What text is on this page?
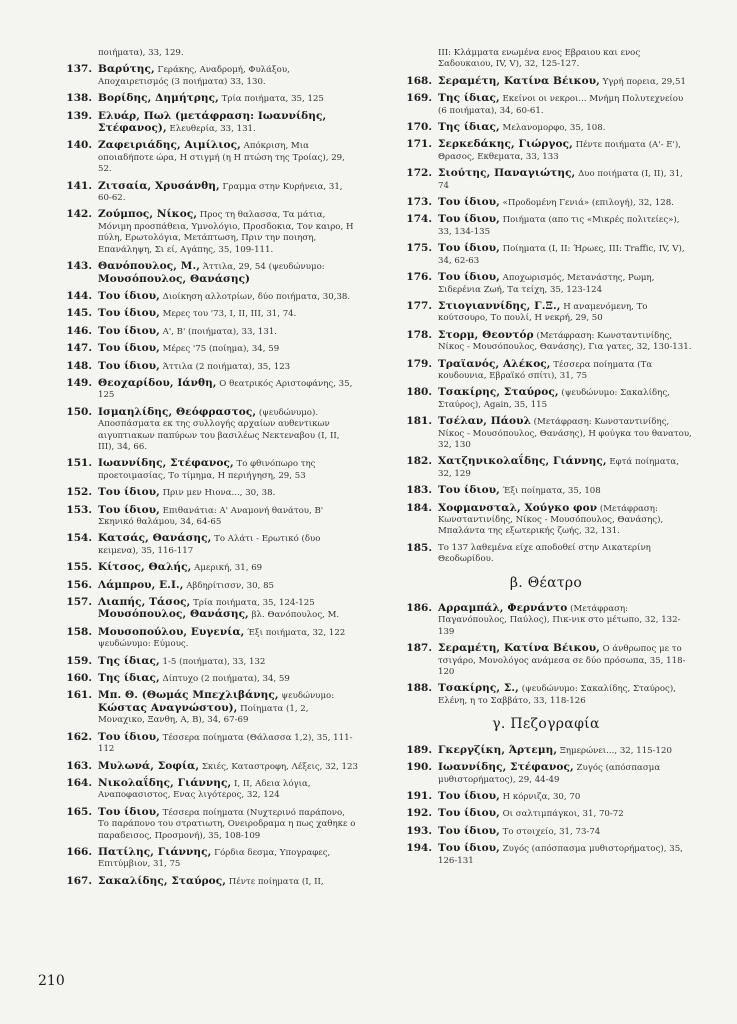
ποιήματα), 33, 129.
137. Βαρύτης, Γεράκης, Αναδρομή, Φυλάξου, Αποχαιρετισμός (3 ποιήματα) 33, 130.
138. Βορίδης, Δημήτρης, Τρία ποιήματα, 35, 125
139. Ελυάρ, Πωλ (μετάφραση: Ιωαννίδης, Στέφανος), Ελευθερία, 33, 131.
140. Ζαφειριάδης, Αιμίλιος, Απόκριση, Μια οποιαδήποτε ώρα, Η στιγμή (η Η πτώση της Τροίας), 29, 52.
141. Ζιτσαία, Χρυσάνθη, Γραμμα στην Κυρήνεια, 31, 60-62.
142. Ζούμπος, Νίκος, Προς τη θαλασσα, Τα μάτια, Μόνιμη προσπάθεια, Υμνολόγιο, Προσδοκια, Τον καιρο, Η πύλη, Ερωτολόγια, Μετάπτωση, Πριν την ποιηση, Επανάληψη, Σι εί, Αγάπης, 35, 109-111.
143. Θανόπουλος, Μ., Άττιλα, 29, 54 (ψευδώνυμο: Μουσόπουλος, Θανάσης)
144. Του ίδιου, Διοίκηση αλλοτρίων, δύο ποιήματα, 30,38.
145. Του ίδιου, Μερες του '73, I, II, III, 31, 74.
146. Του ίδιου, Α', Β' (ποιήματα), 33, 131.
147. Του ίδιου, Μέρες '75 (ποίημα), 34, 59
148. Του ίδιου, Άττιλα (2 ποιήματα), 35, 123
149. Θεοχαρίδου, Ιάνθη, Ο θεατρικός Αριστοφάνης, 35, 125
150. Ισμαηλίδης, Θεόφραστος, (ψευδώνυμο). Αποσπάσματα εκ της συλλογής αρχαίων αυθεντικων αιγυπτιακων παπύρων του βασιλέως Νεκτεναβου (I, II, III), 34, 66.
151. Ιωαννίδης, Στέφανος, Το φθινόπωρο της προετοιμασίας, Το τίμημα, Η περιήγηση, 29, 53
152. Του ίδιου, Πριν μεν Ηιονα..., 30, 38.
153. Του ίδιου, Επιθανάτια: Α' Αναμονή θανάτου, Β' Σκηνικό θαλάμου, 34, 64-65
154. Κατσάς, Θανάσης, Το Αλάτι - Ερωτικό (δυο κειμενα), 35, 116-117
155. Κίτσος, Θαλής, Αμερική, 31, 69
156. Λάμπρου, Ε.Ι., Αβδηρίτισσν, 30, 85
157. Λιαπής, Τάσος, Τρία ποιήματα, 35, 124-125 Μουσόπουλος, Θανάσης, βλ. Θανόπουλος, Μ.
158. Μουσοπούλου, Ευγενία, Έξι ποιήματα, 32, 122 ψευδώνυμο: Εύμους.
159. Της ίδιας, 1-5 (ποιήματα), 33, 132
160. Της ίδιας, Δίπτυχο (2 ποιήματα), 34, 59
161. Μπ. Θ. (Θωμάς Μπεχλιβάνης, ψευδώνυμο: Κώστας Αναγνώστου), Ποίηματα (1, 2, Μοναχικο, Ξανθη, Α, Β), 34, 67-69
162. Του ίδιου, Τέσσερα ποίηματα (Θάλασσα 1,2), 35, 111-112
163. Μυλωνά, Σοφία, Σκιές, Καταστροφη, Λέξεις, 32, 123
164. Νικολαΐδης, Γιάννης, I, II, Αδεια λόγια, Αναποφασιστος, Ενας λιγότερος, 32, 124
165. Του ίδιου, Τέσσερα ποίηματα (Νυχτερινό παράπονο, Το παράπονο του στρατιωτη, Ονειροδραμα η πως χαθηκε ο παραδεισος, Προσμονή), 35, 108-109
166. Πατίλης, Γιάννης, Γόρδια δεσμα, Υπογραφες, Επιτύμβιον, 31, 75
167. Σακαλίδης, Σταύρος, Πέντε ποίηματα (I, II,
III: Κλάμματα ενωμένα ενος Εβραιου και ενος Σαδουκαιου, IV, V), 32, 125-127.
168. Σεραμέτη, Κατίνα Βέικου, Υγρή πορεια, 29,51
169. Της ίδιας, Εκείνοι οι νεκροι... Μνήμη Πολυτεχνείου (6 ποιήματα), 34, 60-61.
170. Της ίδιας, Μελανομορφο, 35, 108.
171. Σερκεδάκης, Γιώργος, Πέντε ποιήματα (Α'- Ε'), Θρασος, Εκθεματα, 33, 133
172. Σιούτης, Παναγιώτης, Δυο ποιήματα (I, II), 31, 74
173. Του ίδιου, «Προδομένη Γενιά» (επιλογή), 32, 128.
174. Του ίδιου, Ποιήματα (απο τις «Μικρές πολιτείες»), 33, 134-135
175. Του ίδιου, Ποίηματα (I, II: Ήρωες, III: Traffic, IV, V), 34, 62-63
176. Του ίδιου, Αποχωρισμός, Μετανάστης, Ρωμη, Σιδερένια Ζωή, Τα τείχη, 35, 123-124
177. Στιογιαννίδης, Γ.Ξ., Η αναμενόμενη, Το κούτσουρο, Το πουλί, Η νεκρή, 29, 50
178. Στορμ, Θεοντόρ (Μετάφραση: Κωνσταντινίδης, Νίκος - Μουσόπουλος, Θανάσης), Για γατες, 32, 130-131.
179. Τραϊανός, Αλέκος, Τέσσερα ποίηματα (Τα κουδουνια, Εβραϊκό σπίτι), 31, 75
180. Τσακίρης, Σταύρος, (ψευδώνυμο: Σακαλίδης, Σταύρος), Again, 35, 115
181. Τσέλαν, Πάουλ (Μετάφραση: Κωνσταντινίδης, Νίκος - Μουσόπουλος, Θανάσης), Η φούγκα του θανατου, 32, 130
182. Χατζηνικολαΐδης, Γιάννης, Εφτά ποίηματα, 32, 129
183. Του ίδιου, Έξι ποίηματα, 35, 108
184. Χοφμανσταλ, Χούγκο φον (Μετάφραση: Κωνσταντινίδης, Νίκος - Μουσόπουλος, Θανάσης), Μπαλάντα της εξωτερικής ζωής, 32, 131.
185. Το 137 λαθεμένα είχε αποδοθεί στην Αικατερίνη Θεοδωρίδου.
β. Θέατρο
186. Αρραμπάλ, Φερνάντο (Μετάφραση: Παγανόπουλος, Παύλος), Πικ-νικ στο μέτωπο, 32, 132-139
187. Σεραμέτη, Κατίνα Βέικου, Ο άνθρωπος με το τσιγάρο, Μονολόγος ανάμεσα σε δύο πρόσωπα, 35, 118-120
188. Τσακίρης, Σ., (ψευδώνυμο: Σακαλίδης, Σταύρος), Ελένη, η το Σαββάτο, 33, 118-126
γ. Πεζογραφία
189. Γκεργζίκη, Άρτεμη, Ξημερώνει..., 32, 115-120
190. Ιωαννίδης, Στέφανος, Ζυγός (απόσπασμα μυθιστορήματος), 29, 44-49
191. Του ίδιου, Η κόρνιζα, 30, 70
192. Του ίδιου, Οι σαλτιμπάγκοι, 31, 70-72
193. Του ίδιου, Το στοιχείο, 31, 73-74
194. Του ίδιου, Ζυγός (απόσπασμα μυθιστορήματος), 35, 126-131
210
